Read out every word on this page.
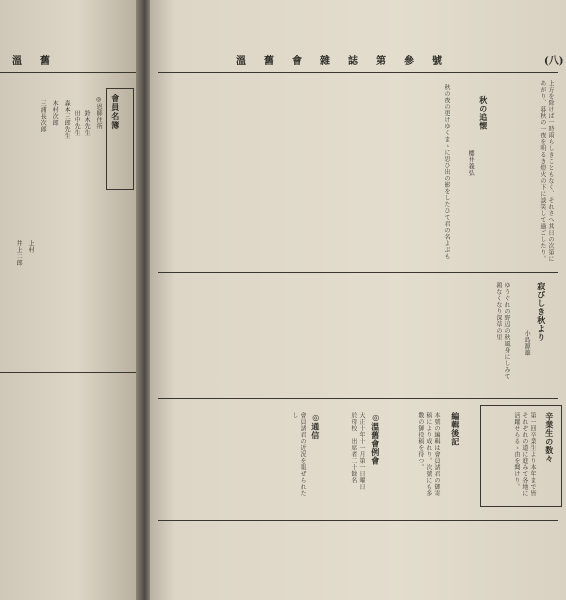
溫　舊
會員名簿
◎恩師住所
鈴木先生
田中先生
森本三郎先生
木村次郎
三浦長次郎
上村
井上二郎
溫　舊　會　雜　誌　第　參　號	(八)
上方を除けば一時雨らしきこともなく、それさへ其日の次第にあがり、暮秋の一夜を明るき燈火の下に談笑して過ごしたり。
秋の追懐
櫻井義弘
秋の夜の更けゆくまゝに思ひ出の影をしたひて君の名よぶも
寂びしき秋より
小島源雄
ゆうぐれの野辺の秋風身にしみて鶉なくなり深草の里
辛業生の数々
第一回卒業生より本年まで皆それぞれの道に進みて各地に活躍せらるゝ由を聞けり。
編輯後記
本號の編輯は會員諸君の御寄稿により成れり。次號にも多數の御投稿を待つ。
◎溫舊會例會
大正十年十一月第一日曜日　於母校　出席者二十餘名
◎通信
會員諸君の近況を報ぜられたし
